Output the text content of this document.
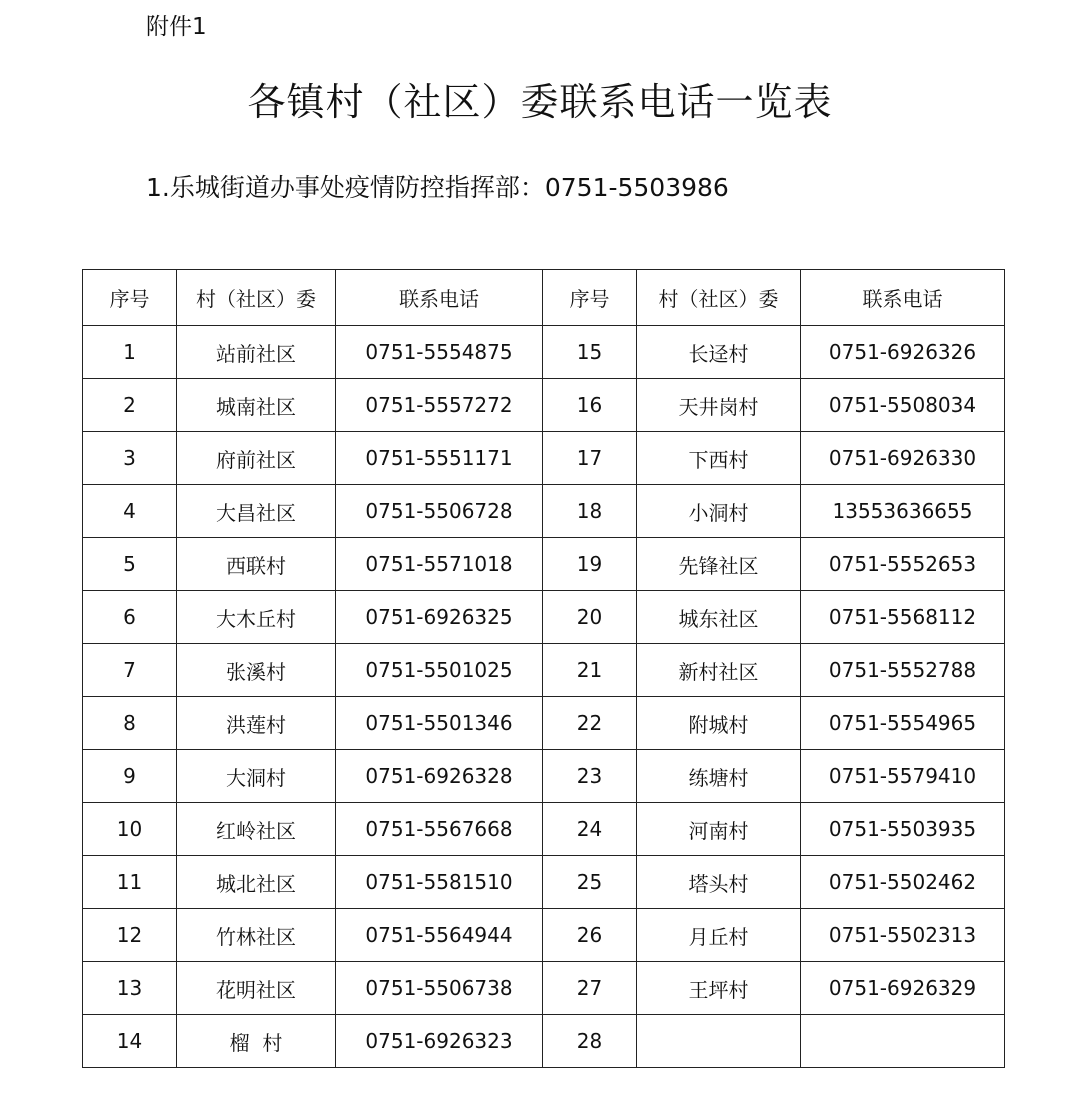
附件1
各镇村（社区）委联系电话一览表
1.乐城街道办事处疫情防控指挥部：0751-5503986
序号	村（社区）委	联系电话	序号	村（社区）委	联系电话
1	站前社区	0751-5554875	15	长迳村	0751-6926326
2	城南社区	0751-5557272	16	天井岗村	0751-5508034
3	府前社区	0751-5551171	17	下西村	0751-6926330
4	大昌社区	0751-5506728	18	小洞村	13553636655
5	西联村	0751-5571018	19	先锋社区	0751-5552653
6	大木丘村	0751-6926325	20	城东社区	0751-5568112
7	张溪村	0751-5501025	21	新村社区	0751-5552788
8	洪莲村	0751-5501346	22	附城村	0751-5554965
9	大洞村	0751-6926328	23	练塘村	0751-5579410
10	红岭社区	0751-5567668	24	河南村	0751-5503935
11	城北社区	0751-5581510	25	塔头村	0751-5502462
12	竹林社区	0751-5564944	26	月丘村	0751-5502313
13	花明社区	0751-5506738	27	王坪村	0751-6926329
14	榴  村	0751-6926323	28		
